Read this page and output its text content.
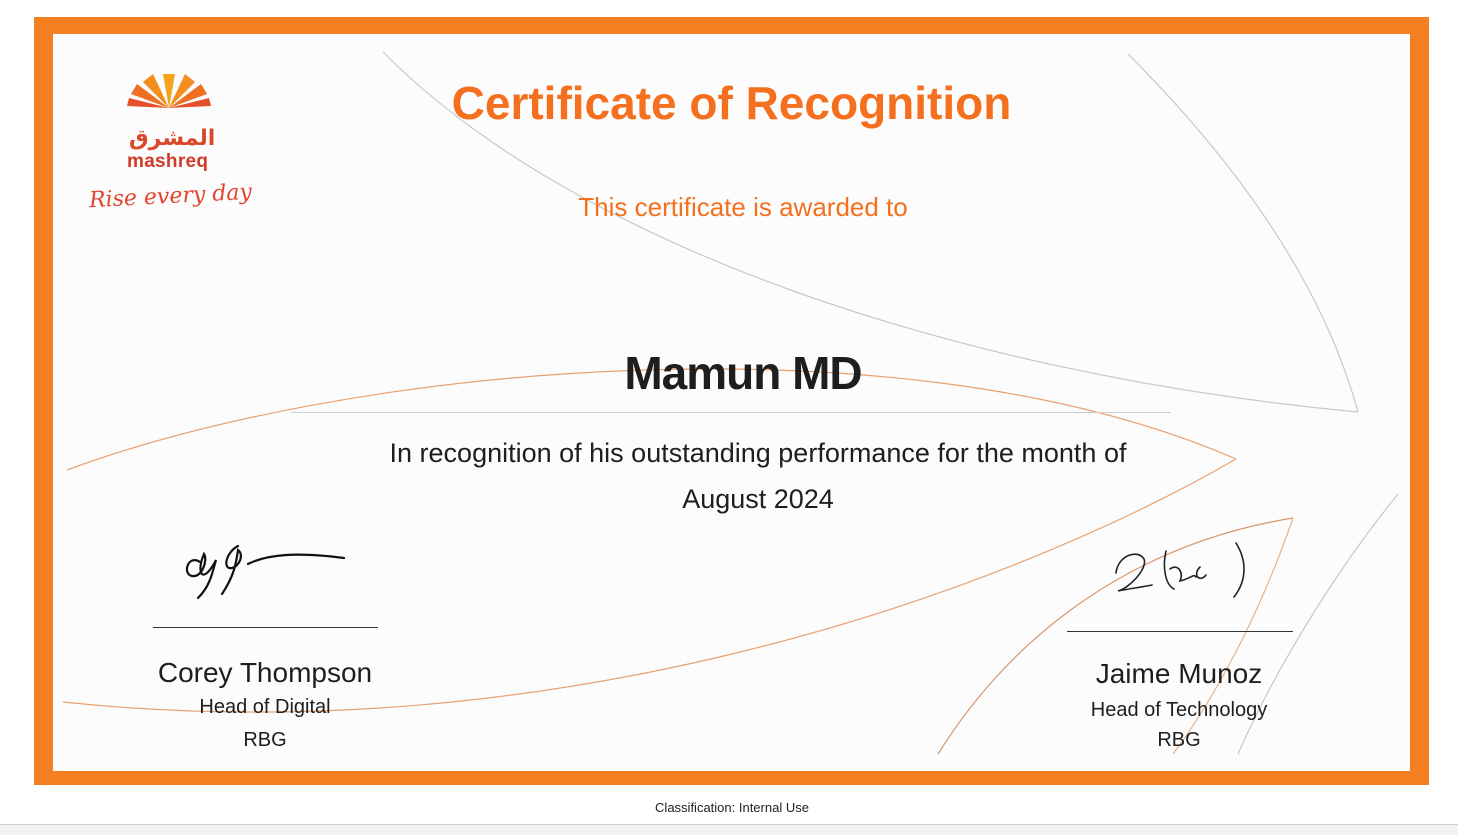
المشرق
mashreq
Rise every day
Certificate of Recognition
This certificate is awarded to
Mamun MD
In recognition of his outstanding performance for the month of
August 2024
Corey Thompson
Head of Digital
RBG
Jaime Munoz
Head of Technology
RBG
Classification: Internal Use
